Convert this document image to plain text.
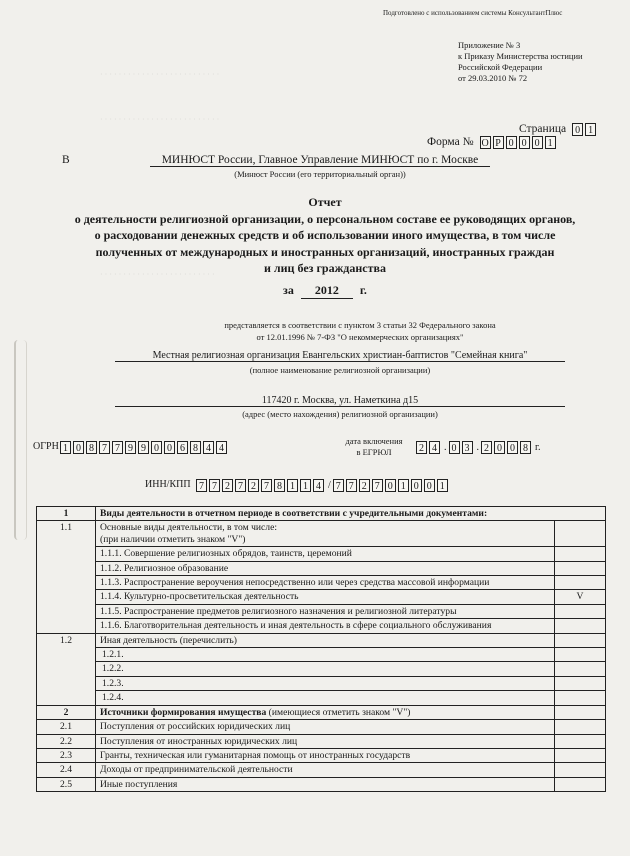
Подготовлено с использованием системы КонсультантПлюс
Приложение № 3
к Приказу Министерства юстиции
Российской Федерации
от 29.03.2010 № 72
Страница 0 1
Форма № О Р 0 0 0 1
В	МИНЮСТ России, Главное Управление МИНЮСТ по г. Москве
(Минюст России (его территориальный орган))
Отчет
о деятельности религиозной организации, о персональном составе ее руководящих органов,
о расходовании денежных средств и об использовании иного имущества, в том числе
полученных от международных и иностранных организаций, иностранных граждан
и лиц без гражданства
за 2012 г.
представляется в соответствии с пунктом 3 статьи 32 Федерального закона
от 12.01.1996 № 7-ФЗ "О некоммерческих организациях"
Местная религиозная организация Евангельских христиан-баптистов "Семейная книга"
(полное наименование религиозной организации)
117420 г. Москва, ул. Наметкина д15
(адрес (место нахождения) религиозной организации)
ОГРН 1 0 8 7 7 9 9 0 0 6 8 4 4
дата включения
в ЕГРЮЛ	2 4 . 0 3 . 2 0 0 8 г.
ИНН/КПП 7 7 2 7 2 7 8 1 1 4 / 7 7 2 7 0 1 0 0 1
· · · · · · · · · · · · · · · · · · · · · · · · · ·
· · · · · · · · · · · · · · · · · · · · · · · · · ·
· · · · · · · · · · · · · · · · · · · · · · · · ·
1	Виды деятельности в отчетном периоде в соответствии с учредительными документами:	
1.1	Основные виды деятельности, в том числе:
(при наличии отметить знаком "V")	

	1.1.1. Совершение религиозных обрядов, таинств, церемоний	
	1.1.2. Религиозное образование	
	1.1.3. Распространение вероучения непосредственно или через средства массовой информации	
	1.1.4. Культурно-просветительская деятельность	V
	1.1.5. Распространение предметов религиозного назначения и религиозной литературы	
	1.1.6. Благотворительная деятельность и иная деятельность в сфере социального обслуживания	
1.2	Иная деятельность (перечислить)	
	1.2.1.	
	1.2.2.	
	1.2.3.	
	1.2.4.	
2	Источники формирования имущества (имеющиеся отметить знаком "V")	
2.1	Поступления от российских юридических лиц	
2.2	Поступления от иностранных юридических лиц	
2.3	Гранты, техническая или гуманитарная помощь от иностранных государств	
2.4	Доходы от предпринимательской деятельности	
2.5	Иные поступления	
